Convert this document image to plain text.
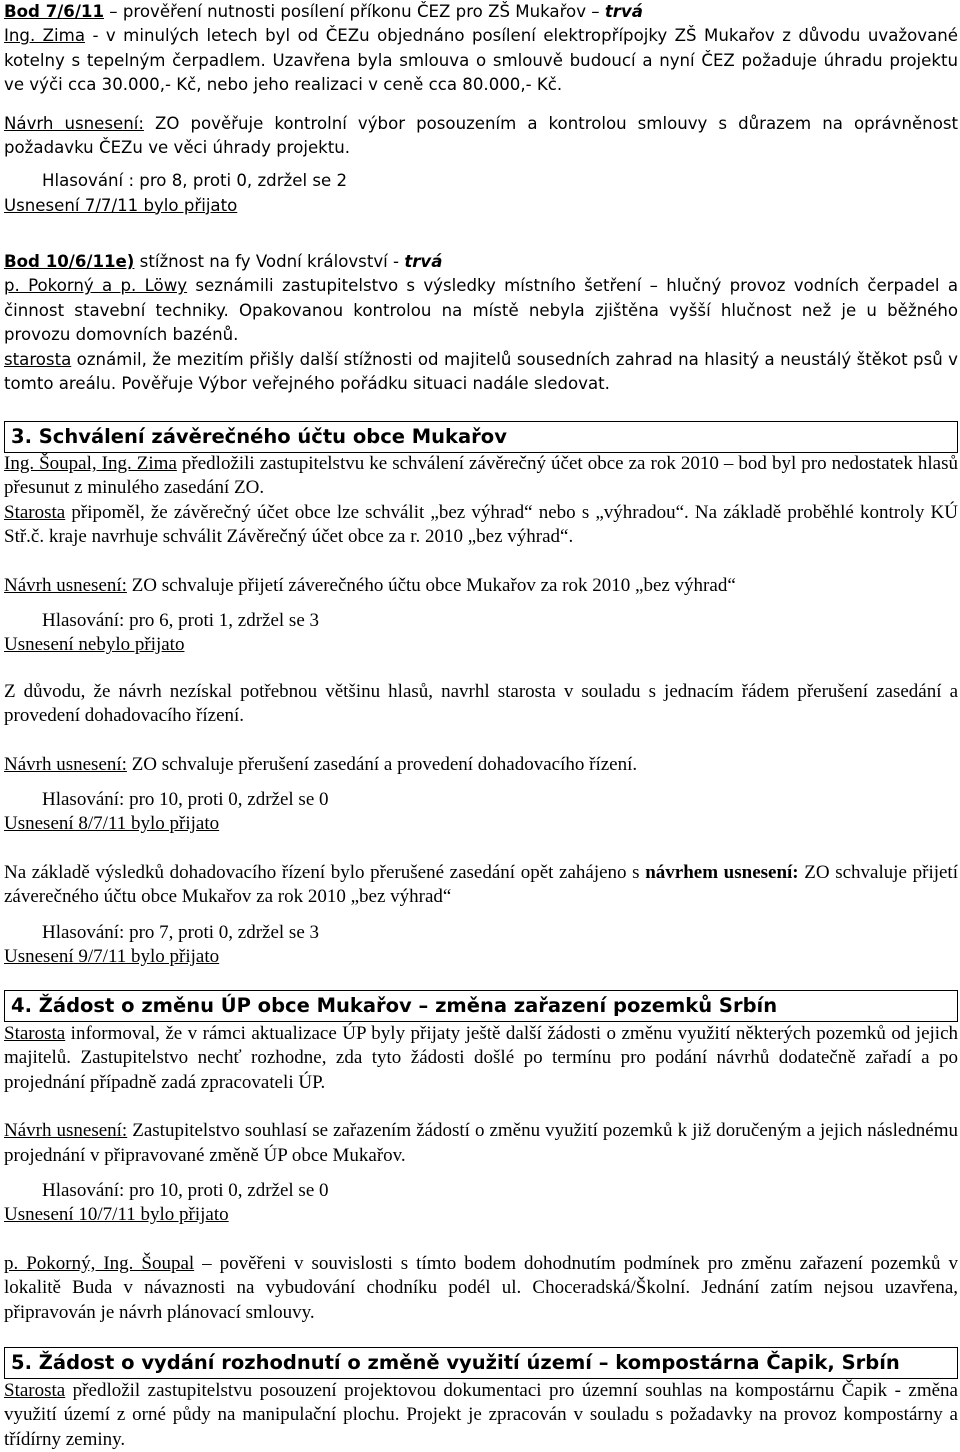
Bod 7/6/11 – prověření nutnosti posílení příkonu ČEZ pro ZŠ Mukařov – trvá

Ing. Zima - v minulých letech byl od ČEZu objednáno posílení elektropřípojky ZŠ Mukařov z důvodu uvažované kotelny s tepelným čerpadlem. Uzavřena byla smlouva o smlouvě budoucí a nyní ČEZ požaduje úhradu projektu ve výči cca 30.000,- Kč, nebo jeho realizaci v ceně cca 80.000,- Kč.

Návrh usnesení: ZO pověřuje kontrolní výbor posouzením a kontrolou smlouvy s důrazem na oprávněnost požadavku ČEZu ve věci úhrady projektu.

Hlasování : pro 8, proti 0, zdržel se 2

Usnesení 7/7/11 bylo přijato

Bod 10/6/11e) stížnost na fy Vodní království - trvá

p. Pokorný a p. Löwy seznámili zastupitelstvo s výsledky místního šetření – hlučný provoz vodních čerpadel a činnost stavební techniky. Opakovanou kontrolou na místě nebyla zjištěna vyšší hlučnost než je u běžného provozu domovních bazénů.

starosta oznámil, že mezitím přišly další stížnosti od majitelů sousedních zahrad na hlasitý a neustálý štěkot psů v tomto areálu. Pověřuje Výbor veřejného pořádku situaci nadále sledovat.

3. Schválení závěrečného účtu obce Mukařov

Ing. Šoupal, Ing. Zima předložili zastupitelstvu ke schválení závěrečný účet obce za rok 2010 – bod byl pro nedostatek hlasů přesunut z minulého zasedání ZO.

Starosta připoměl, že závěrečný účet obce lze schválit „bez výhrad“ nebo s „výhradou“. Na základě proběhlé kontroly KÚ Stř.č. kraje navrhuje schválit Závěrečný účet obce za r. 2010 „bez výhrad“.

Návrh usnesení: ZO schvaluje přijetí záverečného účtu obce Mukařov za rok 2010 „bez výhrad“

Hlasování: pro 6, proti 1, zdržel se 3

Usnesení nebylo přijato

Z důvodu, že návrh nezískal potřebnou většinu hlasů, navrhl starosta v souladu s jednacím řádem přerušení zasedání a provedení dohadovacího řízení.

Návrh usnesení: ZO schvaluje přerušení zasedání a provedení dohadovacího řízení.

Hlasování: pro 10, proti 0, zdržel se 0

Usnesení 8/7/11 bylo přijato

Na základě výsledků dohadovacího řízení bylo přerušené zasedání opět zahájeno s návrhem usnesení: ZO schvaluje přijetí záverečného účtu obce Mukařov za rok 2010 „bez výhrad“

Hlasování: pro 7, proti 0, zdržel se 3

Usnesení 9/7/11 bylo přijato

4. Žádost o změnu ÚP obce Mukařov – změna zařazení pozemků Srbín

Starosta informoval, že v rámci aktualizace ÚP byly přijaty ještě další žádosti o změnu využití některých pozemků od jejich majitelů. Zastupitelstvo nechť rozhodne, zda tyto žádosti došlé po termínu pro podání návrhů dodatečně zařadí a po projednání případně zadá zpracovateli ÚP.

Návrh usnesení: Zastupitelstvo souhlasí se zařazením žádostí o změnu využití pozemků k již doručeným a jejich následnému projednání v připravované změně ÚP obce Mukařov.

Hlasování: pro 10, proti 0, zdržel se 0

Usnesení 10/7/11 bylo přijato

p. Pokorný, Ing. Šoupal – pověřeni v souvislosti s tímto bodem dohodnutím podmínek pro změnu zařazení pozemků v lokalitě Buda v návaznosti na vybudování chodníku podél ul. Choceradská/Školní. Jednání zatím nejsou uzavřena, připravován je návrh plánovací smlouvy.

5. Žádost o vydání rozhodnutí o změně využití území – kompostárna Čapik, Srbín

Starosta předložil zastupitelstvu posouzení projektovou dokumentaci pro územní souhlas na kompostárnu Čapik - změna využití území z orné půdy na manipulační plochu. Projekt je zpracován v souladu s požadavky na provoz kompostárny a třídírny zeminy.
